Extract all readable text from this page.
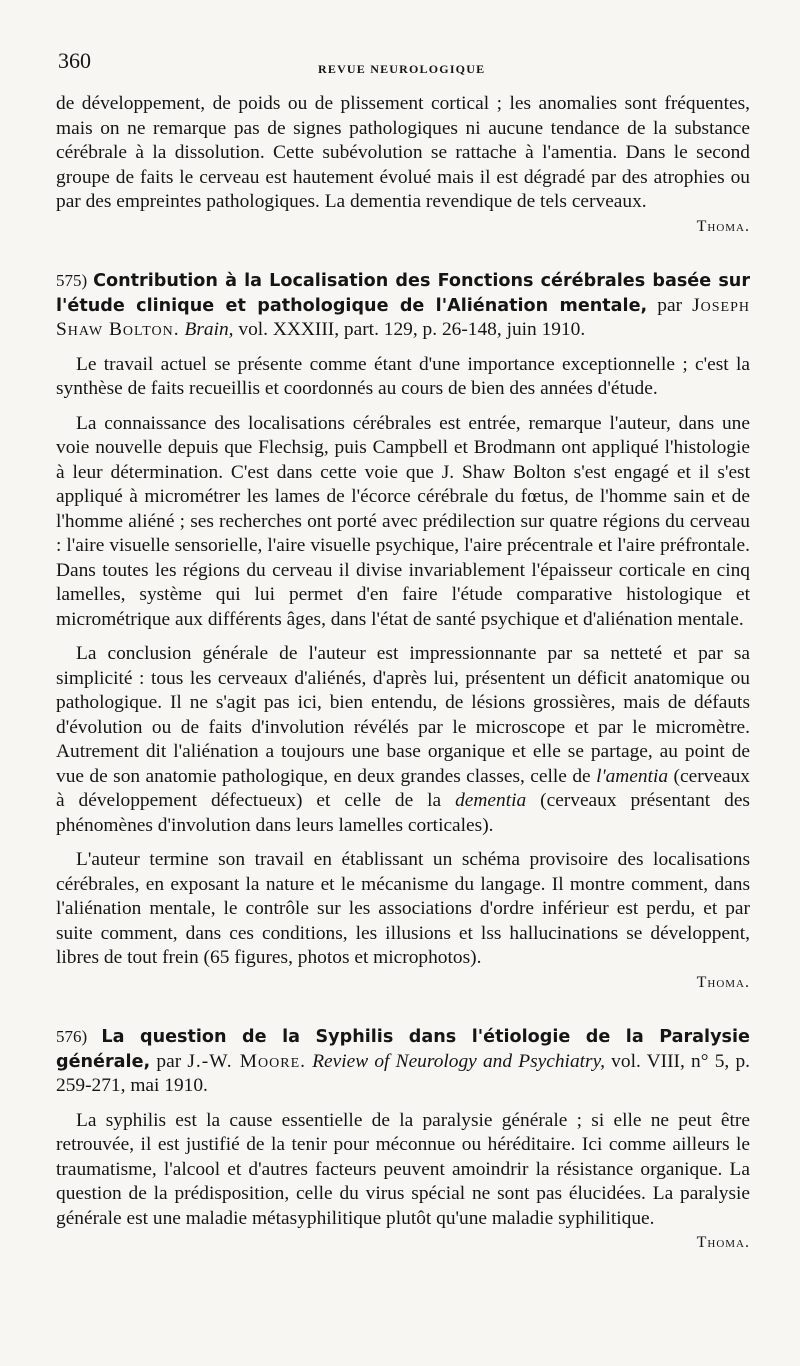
360	REVUE NEUROLOGIQUE

de développement, de poids ou de plissement cortical ; les anomalies sont fréquentes, mais on ne remarque pas de signes pathologiques ni aucune tendance de la substance cérébrale à la dissolution. Cette subévolution se rattache à l'amentia. Dans le second groupe de faits le cerveau est hautement évolué mais il est dégradé par des atrophies ou par des empreintes pathologiques. La dementia revendique de tels cerveaux.

Thoma.

575) Contribution à la Localisation des Fonctions cérébrales basée sur l'étude clinique et pathologique de l'Aliénation mentale, par Joseph Shaw Bolton. Brain, vol. XXXIII, part. 129, p. 26-148, juin 1910.

Le travail actuel se présente comme étant d'une importance exceptionnelle ; c'est la synthèse de faits recueillis et coordonnés au cours de bien des années d'étude.

La connaissance des localisations cérébrales est entrée, remarque l'auteur, dans une voie nouvelle depuis que Flechsig, puis Campbell et Brodmann ont appliqué l'histologie à leur détermination. C'est dans cette voie que J. Shaw Bolton s'est engagé et il s'est appliqué à micrométrer les lames de l'écorce cérébrale du fœtus, de l'homme sain et de l'homme aliéné ; ses recherches ont porté avec prédilection sur quatre régions du cerveau : l'aire visuelle sensorielle, l'aire visuelle psychique, l'aire précentrale et l'aire préfrontale. Dans toutes les régions du cerveau il divise invariablement l'épaisseur corticale en cinq lamelles, système qui lui permet d'en faire l'étude comparative histologique et micrométrique aux différents âges, dans l'état de santé psychique et d'aliénation mentale.

La conclusion générale de l'auteur est impressionnante par sa netteté et par sa simplicité : tous les cerveaux d'aliénés, d'après lui, présentent un déficit anatomique ou pathologique. Il ne s'agit pas ici, bien entendu, de lésions grossières, mais de défauts d'évolution ou de faits d'involution révélés par le microscope et par le micromètre. Autrement dit l'aliénation a toujours une base organique et elle se partage, au point de vue de son anatomie pathologique, en deux grandes classes, celle de l'amentia (cerveaux à développement défectueux) et celle de la dementia (cerveaux présentant des phénomènes d'involution dans leurs lamelles corticales).

L'auteur termine son travail en établissant un schéma provisoire des localisations cérébrales, en exposant la nature et le mécanisme du langage. Il montre comment, dans l'aliénation mentale, le contrôle sur les associations d'ordre inférieur est perdu, et par suite comment, dans ces conditions, les illusions et lss hallucinations se développent, libres de tout frein (65 figures, photos et microphotos).

Thoma.

576) La question de la Syphilis dans l'étiologie de la Paralysie générale, par J.-W. Moore. Review of Neurology and Psychiatry, vol. VIII, n° 5, p. 259-271, mai 1910.

La syphilis est la cause essentielle de la paralysie générale ; si elle ne peut être retrouvée, il est justifié de la tenir pour méconnue ou héréditaire. Ici comme ailleurs le traumatisme, l'alcool et d'autres facteurs peuvent amoindrir la résistance organique. La question de la prédisposition, celle du virus spécial ne sont pas élucidées. La paralysie générale est une maladie métasyphilitique plutôt qu'une maladie syphilitique.

Thoma.
